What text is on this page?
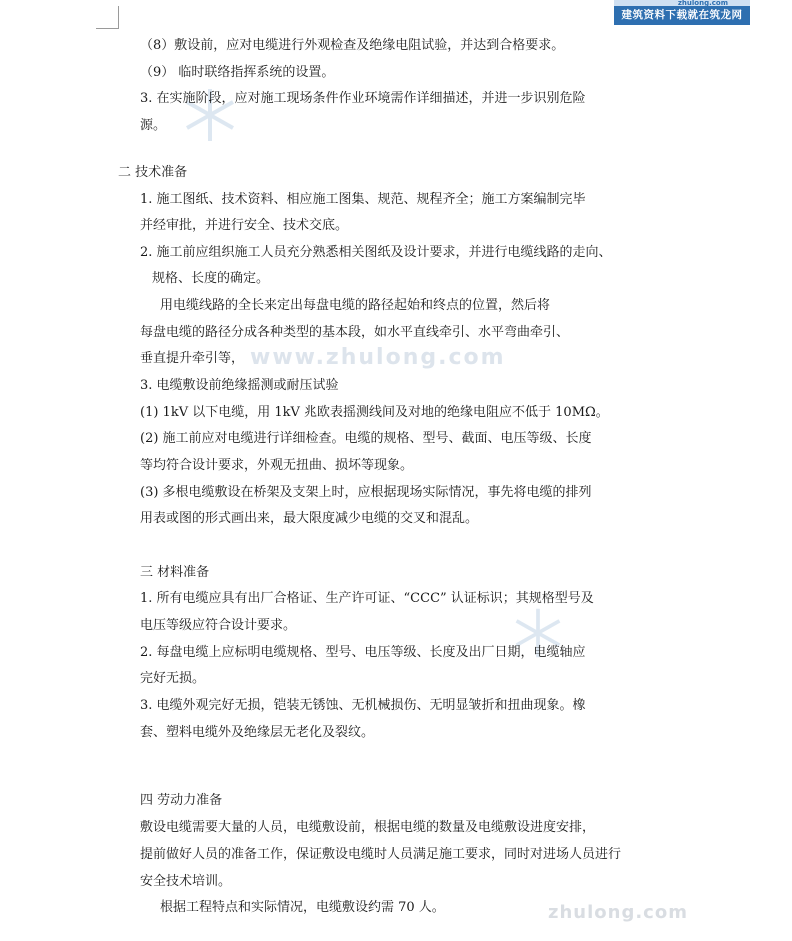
zhulong.com
建筑资料下载就在筑龙网
www.zhulong.com
zhulong.com
（8）敷设前，应对电缆进行外观检查及绝缘电阻试验，并达到合格要求。
（9） 临时联络指挥系统的设置。
3. 在实施阶段，应对施工现场条件作业环境需作详细描述，并进一步识别危险
源。
二 技术准备
1. 施工图纸、技术资料、相应施工图集、规范、规程齐全；施工方案编制完毕
并经审批，并进行安全、技术交底。
2. 施工前应组织施工人员充分熟悉相关图纸及设计要求，并进行电缆线路的走向、
规格、长度的确定。
用电缆线路的全长来定出每盘电缆的路径起始和终点的位置，然后将
每盘电缆的路径分成各种类型的基本段，如水平直线牵引、水平弯曲牵引、
垂直提升牵引等，
3. 电缆敷设前绝缘摇测或耐压试验
(1) 1kV 以下电缆，用 1kV 兆欧表摇测线间及对地的绝缘电阻应不低于 10MΩ。
(2) 施工前应对电缆进行详细检查。电缆的规格、型号、截面、电压等级、长度
等均符合设计要求，外观无扭曲、损坏等现象。
(3) 多根电缆敷设在桥架及支架上时，应根据现场实际情况，事先将电缆的排列
用表或图的形式画出来，最大限度减少电缆的交叉和混乱。
三 材料准备
1. 所有电缆应具有出厂合格证、生产许可证、“CCC” 认证标识；其规格型号及
电压等级应符合设计要求。
2. 每盘电缆上应标明电缆规格、型号、电压等级、长度及出厂日期，电缆轴应
完好无损。
3. 电缆外观完好无损，铠装无锈蚀、无机械损伤、无明显皱折和扭曲现象。橡
套、塑料电缆外及绝缘层无老化及裂纹。
四 劳动力准备
敷设电缆需要大量的人员，电缆敷设前，根据电缆的数量及电缆敷设进度安排，
提前做好人员的准备工作，保证敷设电缆时人员满足施工要求，同时对进场人员进行
安全技术培训。
根据工程特点和实际情况，电缆敷设约需 70 人。
